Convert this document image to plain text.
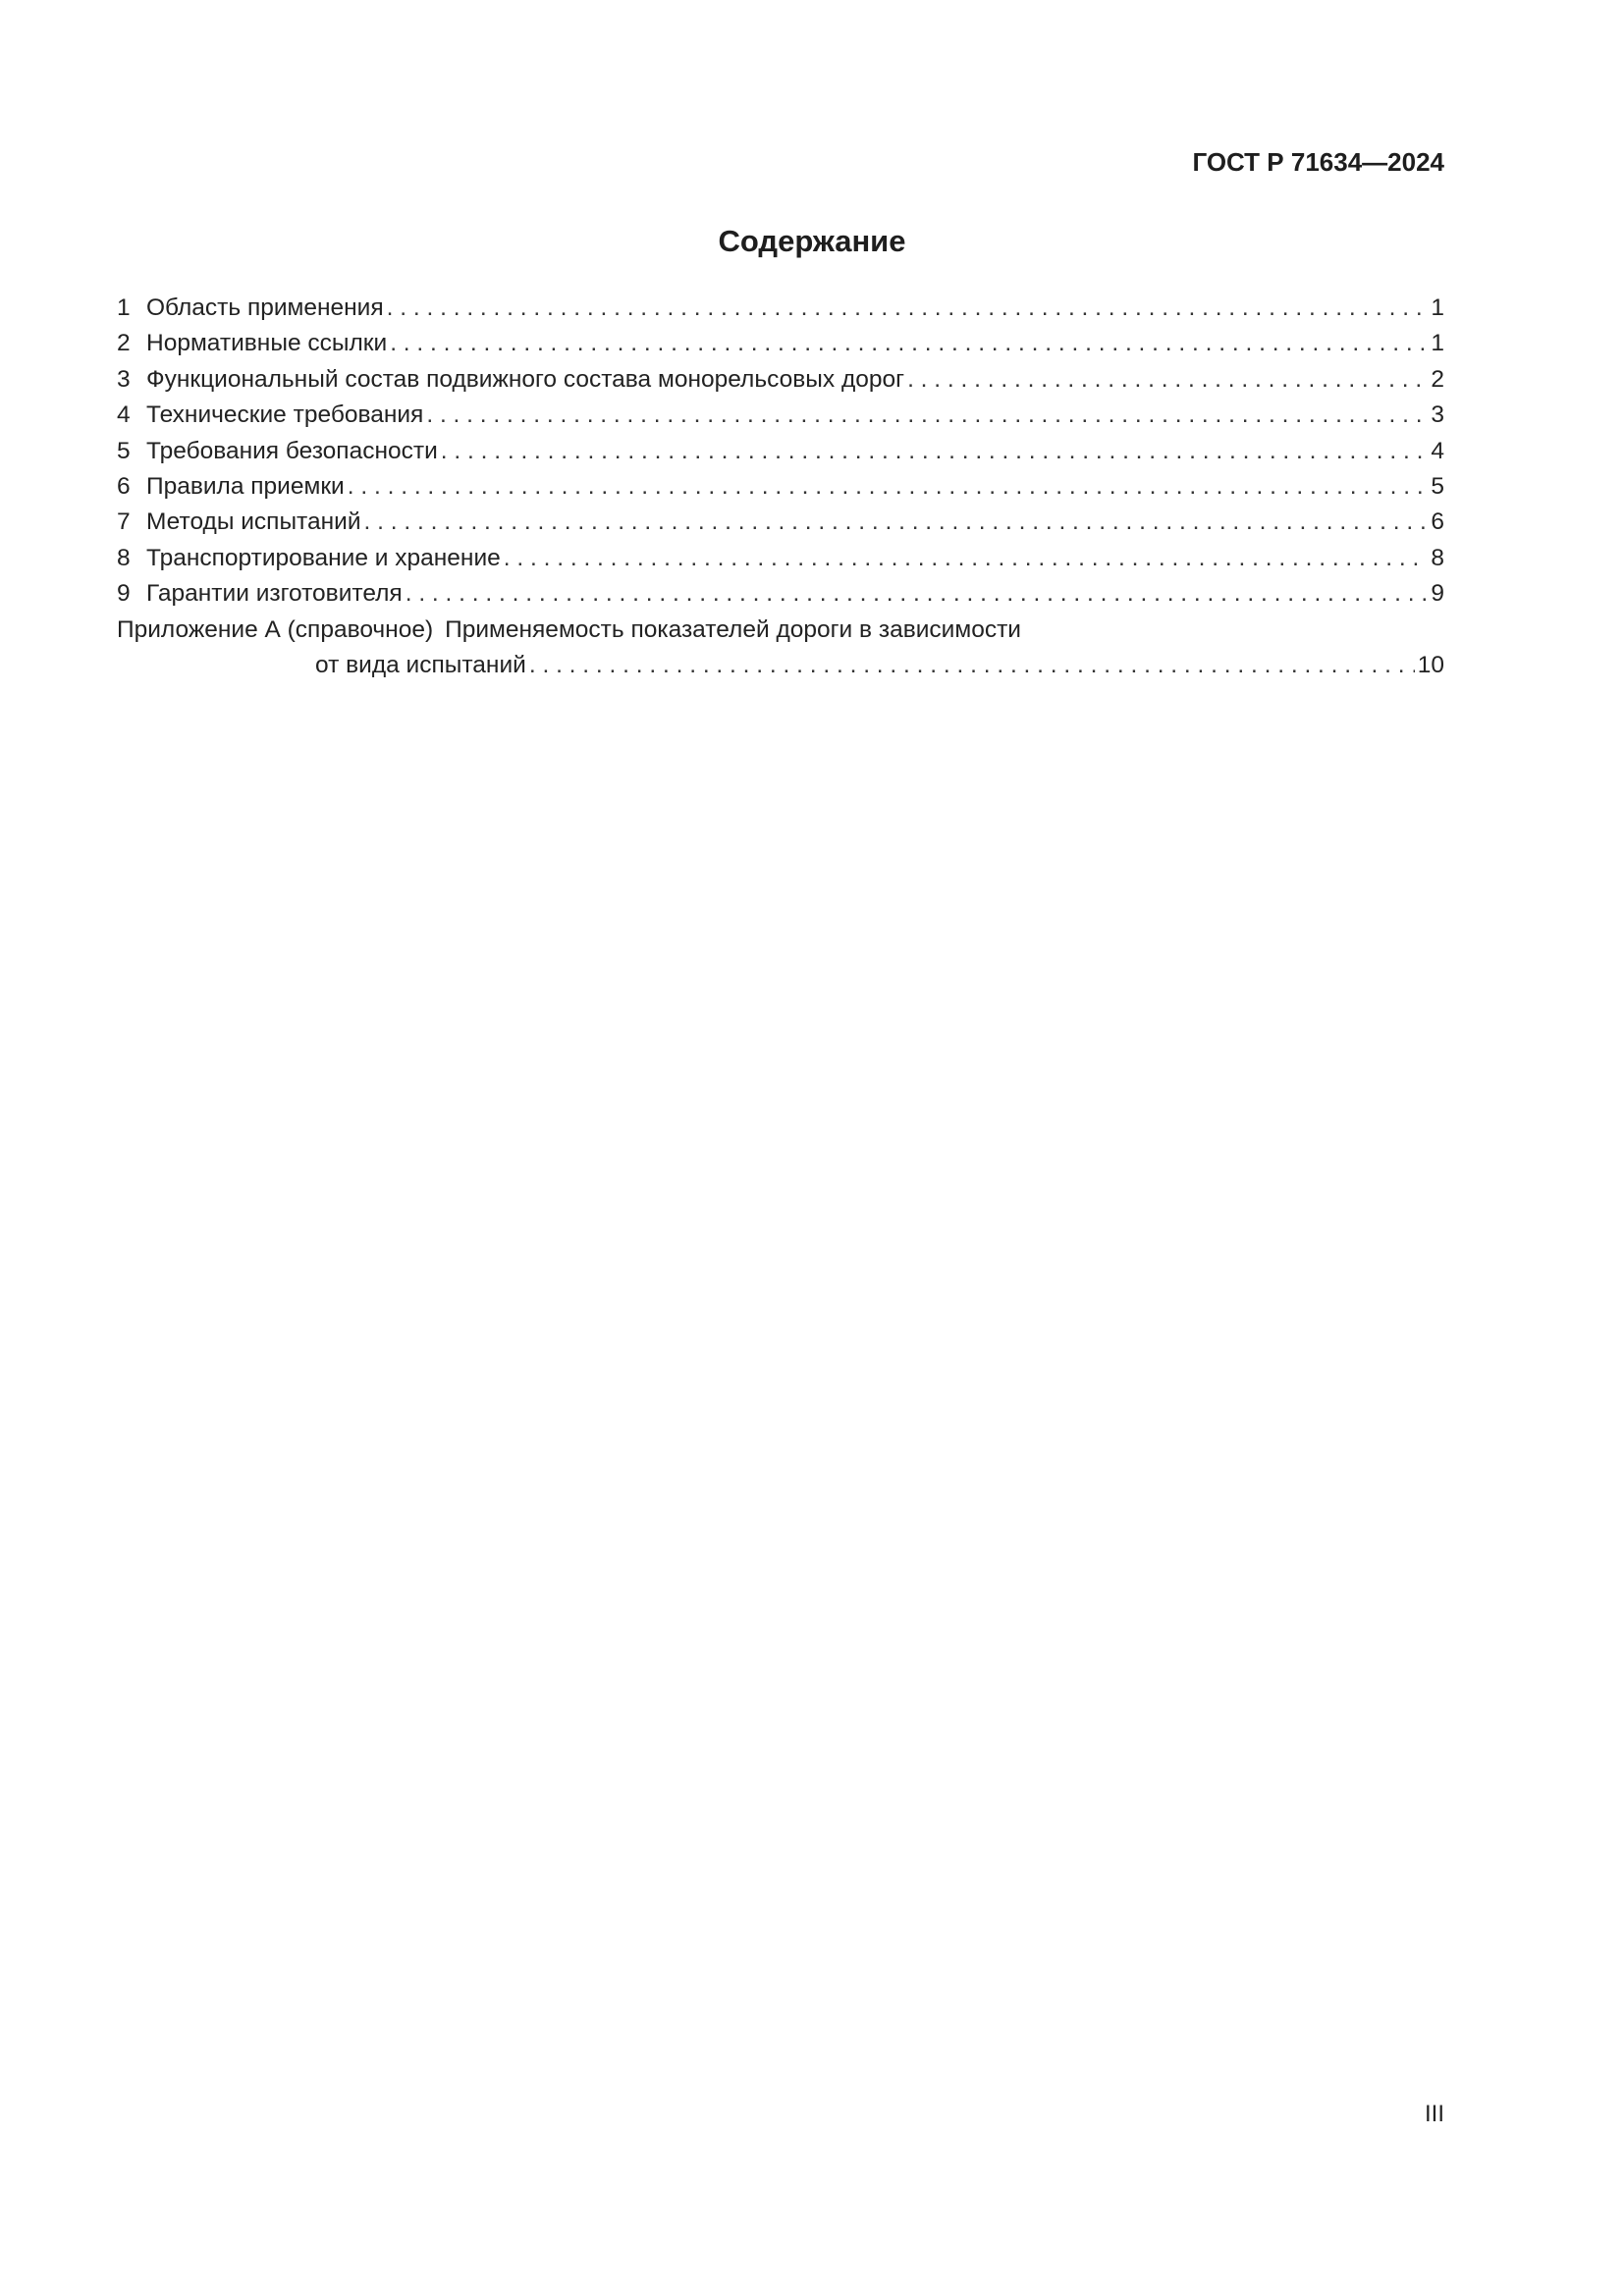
ГОСТ Р 71634—2024

Содержание
1 Область применения . . .	1
2 Нормативные ссылки . . .	1
3 Функциональный состав подвижного состава монорельсовых дорог . . .	2
4 Технические требования . . .	3
5 Требования безопасности . . .	4
6 Правила приемки . . .	5
7 Методы испытаний . . .	6
8 Транспортирование и хранение . . .	8
9 Гарантии изготовителя . . .	9
Приложение А (справочное) Применяемость показателей дороги в зависимости
от вида испытаний . . .	10

III
